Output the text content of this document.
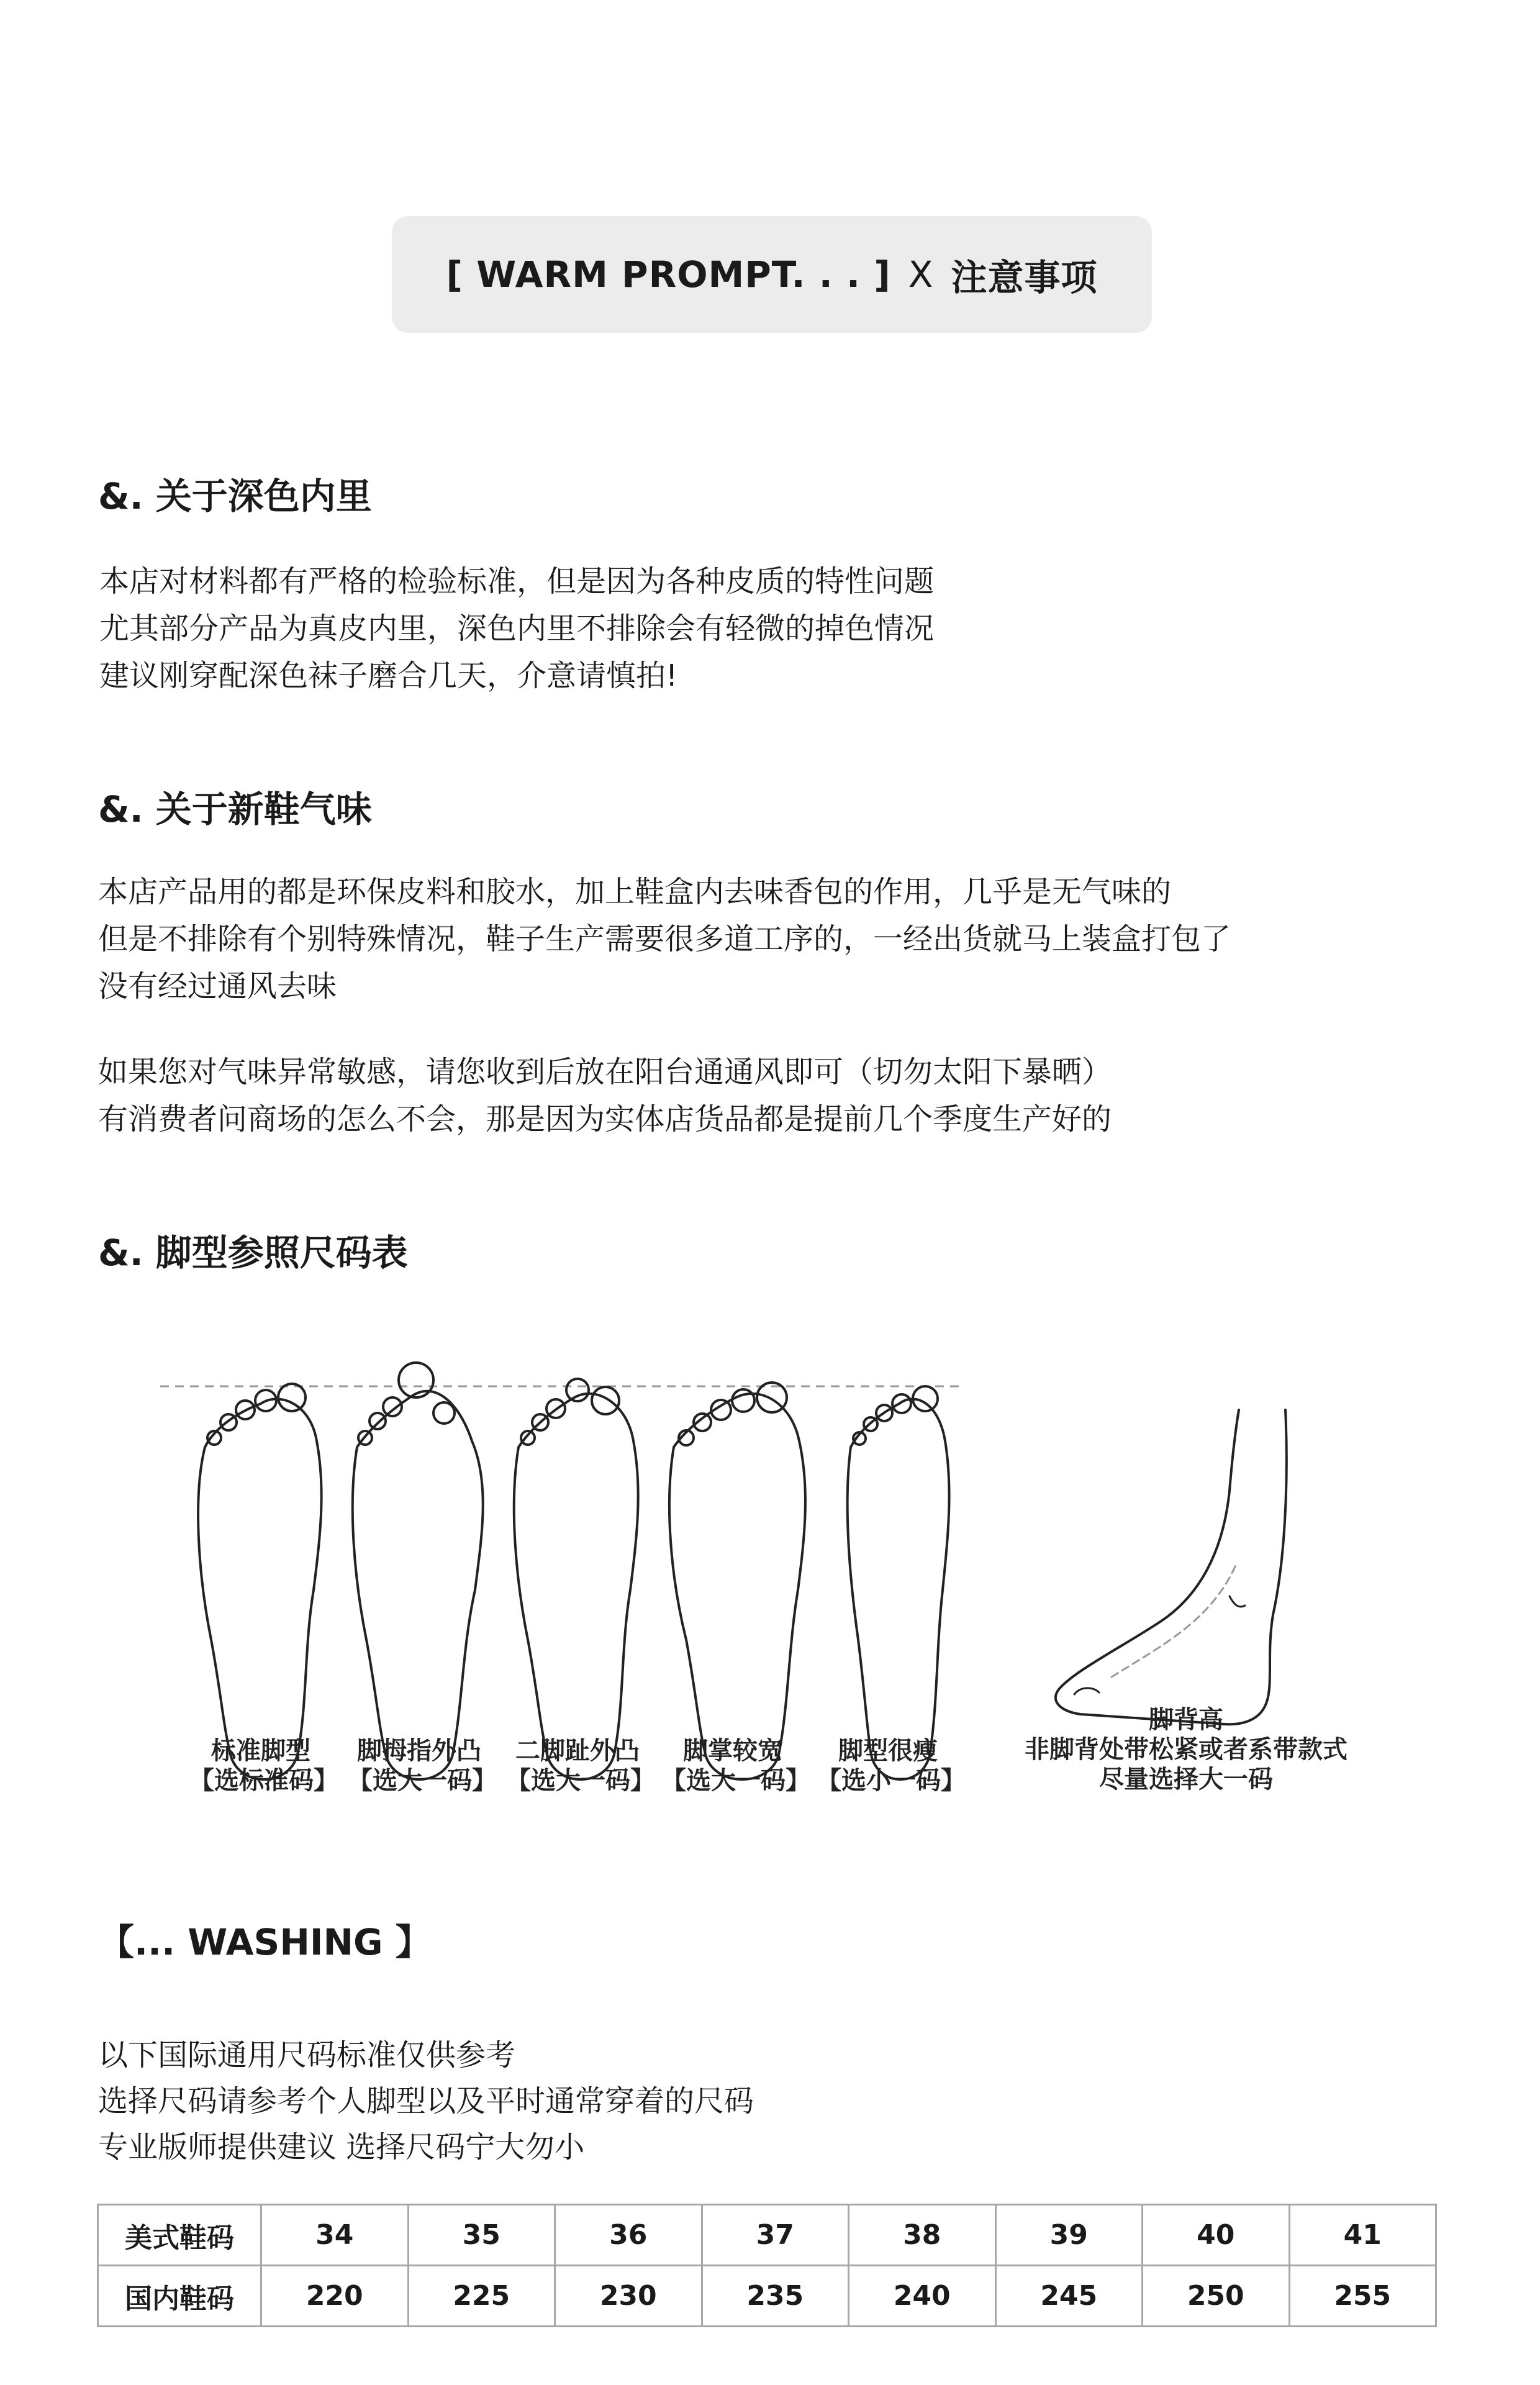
[ WARM PROMPT. . . ] X 注意事项
&. 关于深色内里
本店对材料都有严格的检验标准，但是因为各种皮质的特性问题
尤其部分产品为真皮内里，深色内里不排除会有轻微的掉色情况
建议刚穿配深色袜子磨合几天，介意请慎拍!
&. 关于新鞋气味
本店产品用的都是环保皮料和胶水，加上鞋盒内去味香包的作用，几乎是无气味的
但是不排除有个别特殊情况，鞋子生产需要很多道工序的，一经出货就马上装盒打包了
没有经过通风去味
如果您对气味异常敏感，请您收到后放在阳台通通风即可（切勿太阳下暴晒）
有消费者问商场的怎么不会，那是因为实体店货品都是提前几个季度生产好的
&. 脚型参照尺码表
标准脚型
【选标准码】
脚拇指外凸
【选大一码】
二脚趾外凸
【选大一码】
脚掌较宽
【选大一码】
脚型很瘦
【选小一码】
脚背高
非脚背处带松紧或者系带款式
尽量选择大一码
【... WASHING 】
以下国际通用尺码标准仅供参考
选择尺码请参考个人脚型以及平时通常穿着的尺码
专业版师提供建议 选择尺码宁大勿小
美式鞋码	34	35	36	37	38	39	40	41
国内鞋码	220	225	230	235	240	245	250	255
